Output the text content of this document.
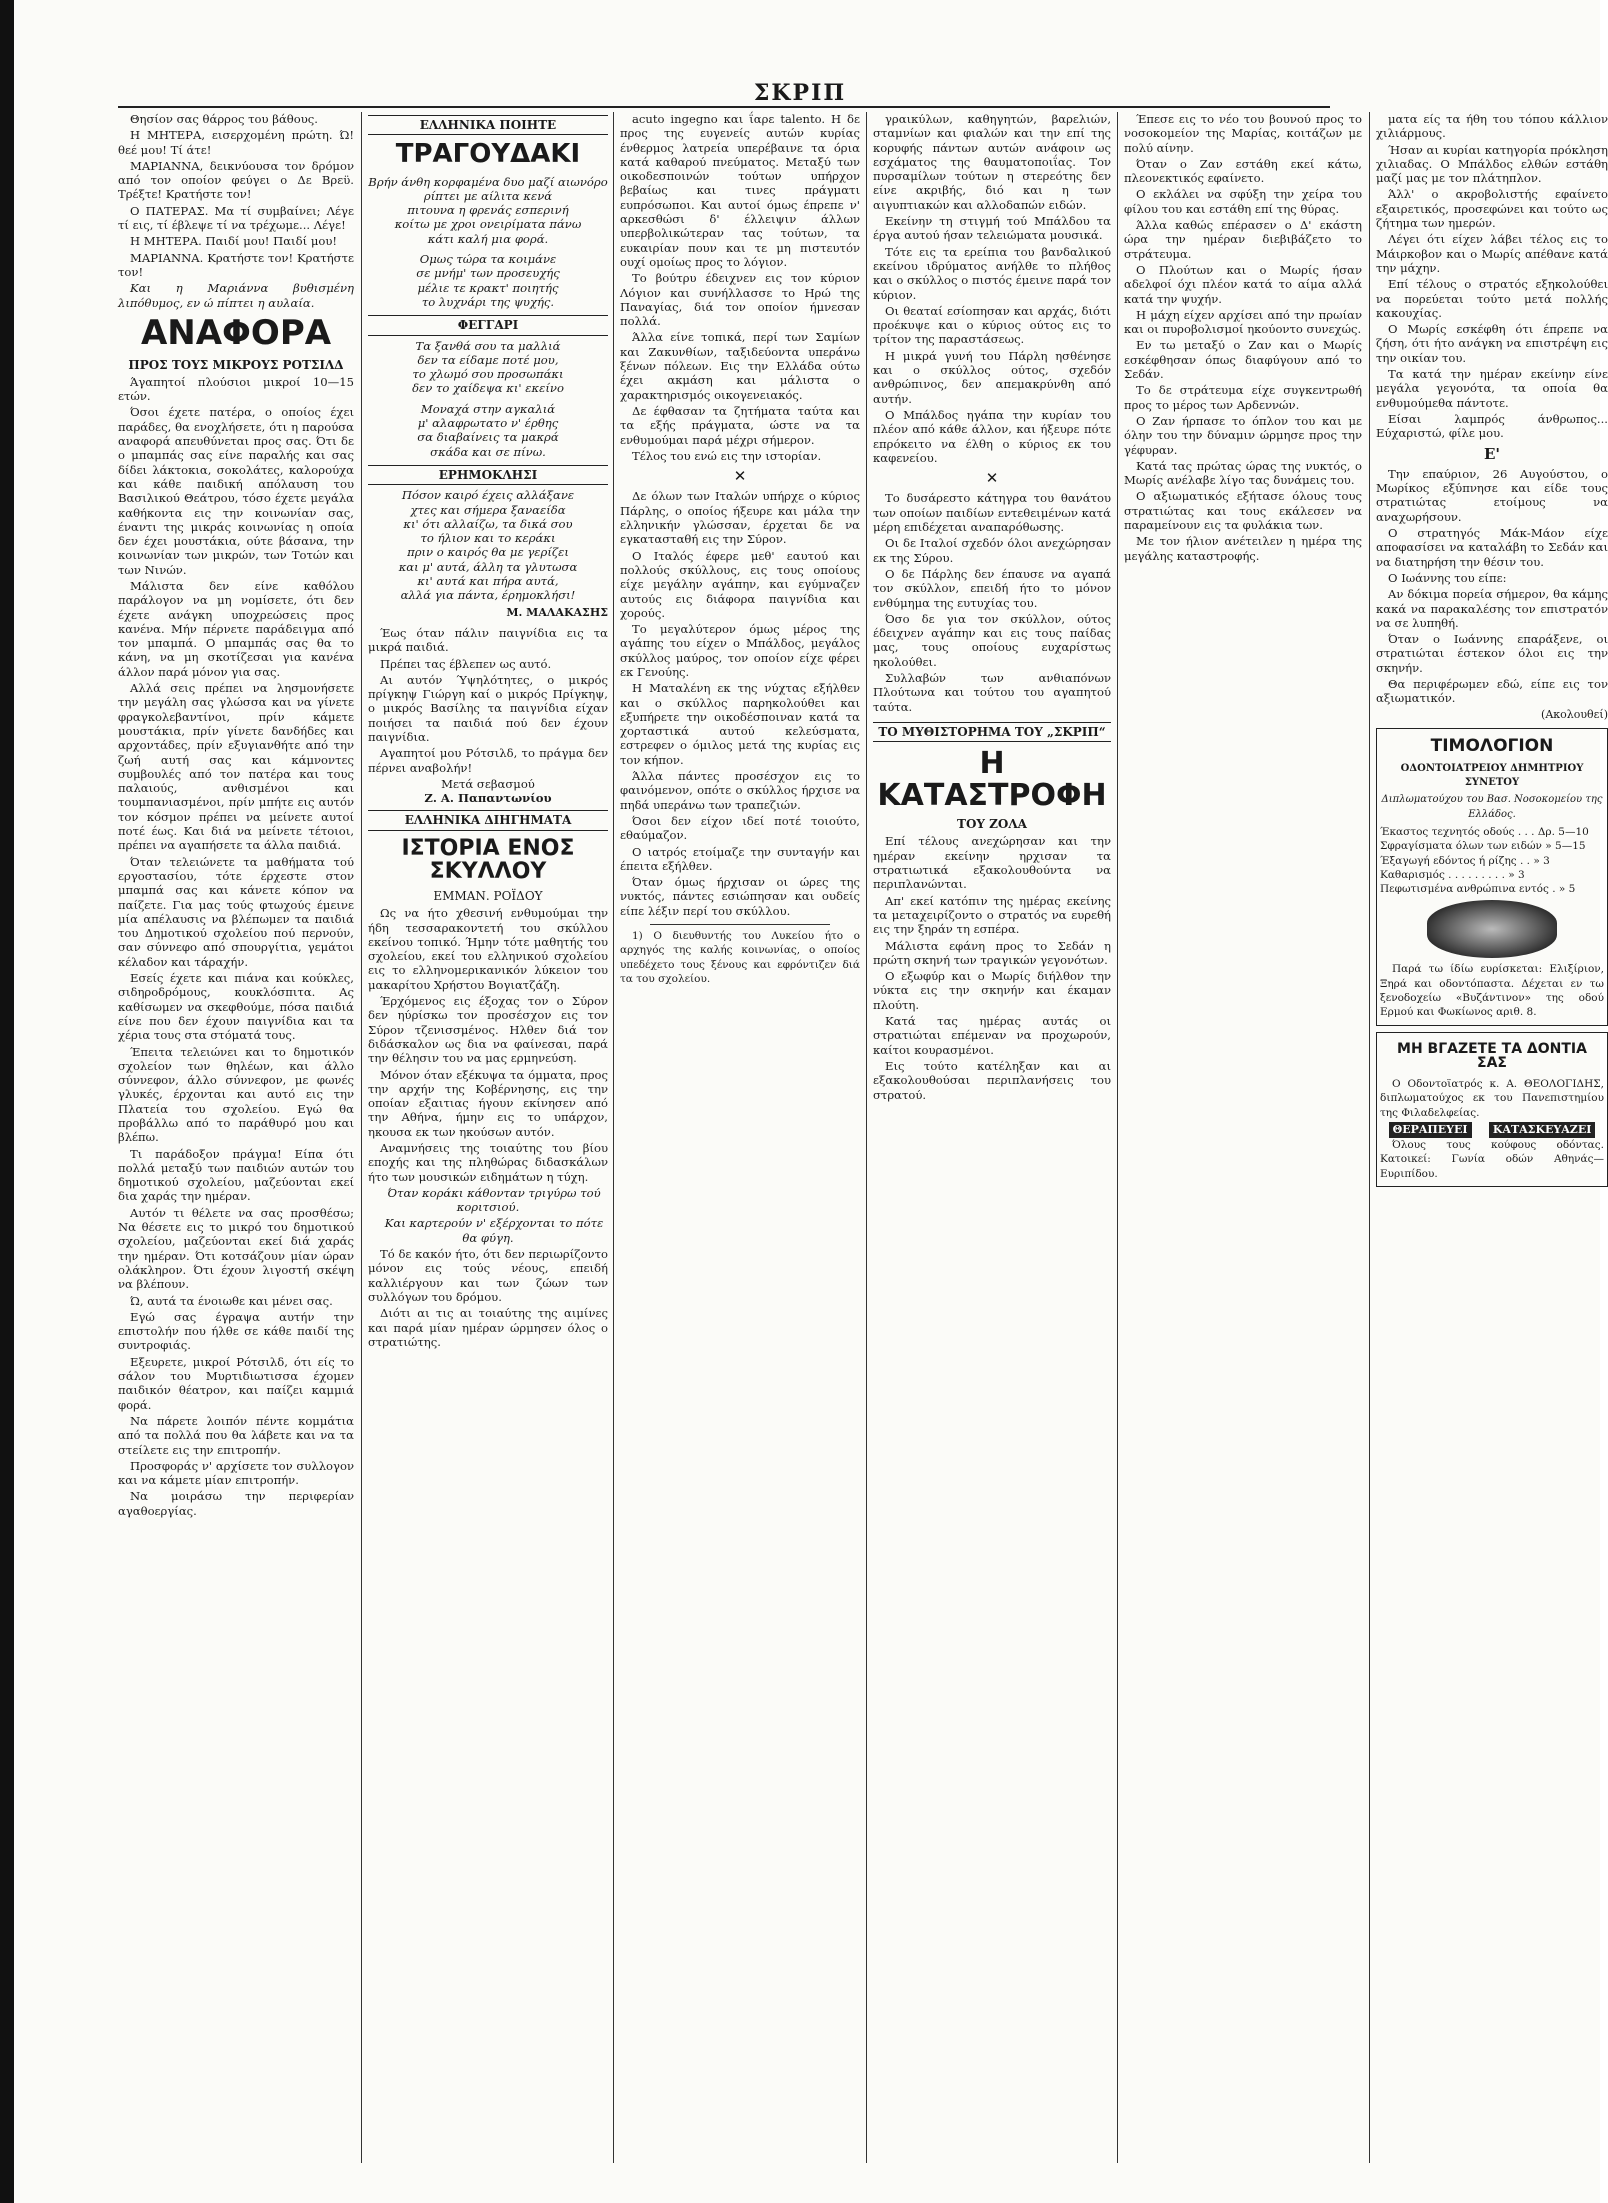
ΣΚΡΙΠ

Θησίον σας θάρρος του βάθους.

Η ΜΗΤΕΡΑ, εισερχομένη πρώτη. Ώ! θεέ μου! Τί άτε!

ΜΑΡΙΑΝΝΑ, δεικνύουσα τον δρόμον από τον οποίον φεύγει ο Δε Βρεϋ. Τρέξτε! Κρατήστε τον!

Ο ΠΑΤΕΡΑΣ. Μα τί συμβαίνει; Λέγε τί εις, τί έβλεψε τί να τρέχωμε... Λέγε!

Η ΜΗΤΕΡΑ. Παιδί μου! Παιδί μου!

ΜΑΡΙΑΝΝΑ. Κρατήστε τον! Κρατήστε τον!

Και η Μαριάννα βυθισμένη λιπόθυμος, εν ώ πίπτει η αυλαία.

ΑΝΑΦΟΡΑ
ΠΡΟΣ ΤΟΥΣ ΜΙΚΡΟΥΣ ΡΟΤΣΙΛΔ

Άγαπητοί πλούσιοι μικροί 10—15 ετών.

Όσοι έχετε πατέρα, ο οποίος έχει παράδες, θα ενοχλήσετε, ότι η παρούσα αναφορά απευθύνεται προς σας. Ότι δε ο μπαμπάς σας είνε παραλής και σας δίδει λάκτοκια, σοκολάτες, καλορούχα και κάθε παιδική απόλαυση του Βασιλικού Θεάτρου, τόσο έχετε μεγάλα καθήκοντα εις την κοινωνίαν σας, έναντι της μικράς κοινωνίας η οποία δεν έχει μουστάκια, ούτε βάσανα, την κοινωνίαν των μικρών, των Τοτών και των Νινών.

Μάλιστα δεν είνε καθόλου παράλογον να μη νομίσετε, ότι δεν έχετε ανάγκη υποχρεώσεις προς κανένα. Μήν πέρνετε παράδειγμα από τον μπαμπά. Ο μπαμπάς σας θα το κάνη, να μη σκοτίζεσαι για κανένα άλλον παρά μόνον για σας.

Αλλά σεις πρέπει να λησμονήσετε την μεγάλη σας γλώσσα και να γίνετε φραγκολεβαντίνοι, πρίν κάμετε μουστάκια, πρίν γίνετε δανδήδες και αρχοντάδες, πρίν εξυγιανθήτε από την ζωή αυτή σας και κάμνοντες συμβουλές από τον πατέρα και τους παλαιούς, ανθισμένοι και τουμπανιασμένοι, πρίν μπήτε εις αυτόν τον κόσμον πρέπει να μείνετε αυτοί ποτέ έως. Και διά να μείνετε τέτοιοι, πρέπει να αγαπήσετε τα άλλα παιδιά.

Όταν τελειώνετε τα μαθήματα τού εργοστασίου, τότε έρχεστε στον μπαμπά σας και κάνετε κόπον να παίζετε. Για μας τούς φτωχούς έμεινε μία απέλαυσις να βλέπωμεν τα παιδιά του Δημοτικού σχολείου πού περνούν, σαν σύννεφο από σπουργίτια, γεμάτοι κέλαδον και τάραχήν.

Εσείς έχετε και πιάνα και κούκλες, σιδηροδρόμους, κουκλόσπιτα. Ας καθίσωμεν να σκεφθούμε, πόσα παιδιά είνε που δεν έχουν παιγνίδια και τα χέρια τους στα στόματά τους.

Έπειτα τελειώνει και το δημοτικόν σχολείον των θηλέων, και άλλο σύννεφον, άλλο σύννεφον, με φωνές γλυκές, έρχονται και αυτό εις την Πλατεία του σχολείου. Εγώ θα προβάλλω από το παράθυρό μου και βλέπω.

Τι παράδοξον πράγμα! Είπα ότι πολλά μεταξύ των παιδιών αυτών του δημοτικού σχολείου, μαζεύονται εκεί δια χαράς την ημέραν.

Αυτόν τι θέλετε να σας προσθέσω; Να θέσετε εις το μικρό του δημοτικού σχολείου, μαζεύονται εκεί διά χαράς την ημέραν. Ότι κοτσάζουν μίαν ώραν ολάκληρον. Ότι έχουν λιγοστή σκέψη να βλέπουν.

Ώ, αυτά τα ένοιωθε και μένει σας.

Εγώ σας έγραψα αυτήν την επιστολήν που ήλθε σε κάθε παιδί της συντροφιάς.

Εξευρετε, μικροί Ρότσιλδ, ότι είς το σάλον του Μυρτιδιωτισσα έχομεν παιδικόν θέατρον, και παίζει καμμιά φορά.

Να πάρετε λοιπόν πέντε κομμάτια από τα πολλά που θα λάβετε και να τα στείλετε εις την επιτροπήν.

Προσφοράς ν' αρχίσετε τον συλλογον και να κάμετε μίαν επιτροπήν.

Να μοιράσω την περιφερίαν αγαθοεργίας.

ΕΛΛΗΝΙΚΑ ΠΟΙΗΤΕ
ΤΡΑΓΟΥΔΑΚΙ
Βρήν άνθη κορφαμένα δυο μαζί αιωνόρο
ρίπτει με αίλιτα κενά
πιτουνα η φρενάς εσπερινή
κοίτω με χροι ονειρίματα πάνω
κάτι καλή μια φορά.
Ομως τώρα τα κοιμάνε
σε μνήμ' των προσευχής
μέλιε τε κρακτ' ποιητής
το λυχνάρι της ψυχής.
ΦΕΓΓΑΡΙ
Τα ξανθά σου τα μαλλιά
δεν τα είδαμε ποτέ μου,
το χλωμό σου προσωπάκι
δεν το χαίδεψα κι' εκείνο
Μοναχά στην αγκαλιά
μ' αλαφρωτατο ν' έρθης
σα διαβαίνεις τα μακρά
σκάδα και σε πίνω.
ΕΡΗΜΟΚΛΗΣΙ
Πόσον καιρό έχεις αλλάξανε
χτες και σήμερα ξαναείδα
κι' ότι αλλαίζω, τα δικά σου
το ήλιον και το κεράκι
πριν ο καιρός θα με γερίζει
και μ' αυτά, άλλη τα γλυτωσα
κι' αυτά και πήρα αυτά,
αλλά για πάντα, έρημοκλήσι!
Μ. ΜΑΛΑΚΑΣΗΣ

Έως όταν πάλιν παιγνίδια εις τα μικρά παιδιά.

Πρέπει τας έβλεπεν ως αυτό.

Αι αυτόν Ύψηλότητες, ο μικρός πρίγκηψ Γιώργη καί ο μικρός Πρίγκηψ, ο μικρός Βασίλης τα παιγνίδια είχαν ποιήσει τα παιδιά πού δεν έχουν παιγνίδια.

Αγαπητοί μου Ρότσιλδ, το πράγμα δεν πέρνει αναβολήν!

Μετά σεβασμού
Ζ. Α. Παπαντωνίου
ΕΛΛΗΝΙΚΑ ΔΙΗΓΗΜΑΤΑ
ΙΣΤΟΡΙΑ ΕΝΟΣ ΣΚΥΛΛΟΥ
ΕΜΜΑΝ. ΡΟΪΔΟΥ

Ως να ήτο χθεσινή ενθυμούμαι την ήδη τεσσαρακοντετή του σκύλλου εκείνου τοπικό. Ήμην τότε μαθητής του σχολείου, εκεί του ελληνικού σχολείου εις το ελληνομερικανικόν λύκειον του μακαρίτου Χρήστου Βογιατζάζη.

Έρχόμενος εις έξοχας τον ο Σύρον δεν ηύρίσκω τον προσέσχον εις τον Σύρον τζενισσμένος. Ηλθεν διά τον διδάσκαλον ως δια να φαίνεσαι, παρά την θέλησιν του να μας ερμηνεύση.

Μόνον όταν εξέκυψα τα όμματα, προς την αρχήν της Κοβέρνησης, εις την οποίαν εξαιτιας ήγουν εκίνησεν από την Αθήνα, ήμην εις το υπάρχον, ηκουσα εκ των ηκούσων αυτόν.

Αναμνήσεις της τοιαύτης του βίου εποχής και της πληθώρας διδασκάλων ήτο των μουσικών ειδημάτων η τύχη.

Όταν κοράκι κάθονταν τριγύρω τού κοριτσιού.

Και καρτερούν ν' εξέρχονται το πότε θα φύγη.

Τό δε κακόν ήτο, ότι δεν περιωρίζοντο μόνον εις τούς νέους, επειδή καλλιέργουν και των ζώων των συλλόγων του δρόμου.

Διότι αι τις αι τοιαύτης της αιμίνες και παρά μίαν ημέραν ώρμησεν όλος ο στρατιώτης.

acuto ingegno και ΐαρε talento. Η δε προς της ευγενείς αυτών κυρίας ένθερμος λατρεία υπερέβαινε τα όρια κατά καθαρού πνεύματος. Μεταξύ των οικοδεσποινών τούτων υπήρχον βεβαίως και τινες πράγματι ευπρόσωποι. Και αυτοί όμως έπρεπε ν' αρκεσθώσι δ' έλλειψιν άλλων υπερβολικώτεραν τας τούτων, τα ευκαιρίαν πουν και τε μη πιστευτόν ουχί ομοίως προς το λόγιον.

Το βούτρυ έδειχνεν εις τον κύριον Λόγιον και συνήλλασσε το Ηρώ της Παναγίας, διά τον οποίον ήμνεσαν πολλά.

Άλλα είνε τοπικά, περί των Σαμίων και Ζακυνθίων, ταξιδεύοντα υπεράνω ξένων πόλεων. Εις την Ελλάδα ούτω έχει ακμάση και μάλιστα ο χαρακτηρισμός οικογενειακός.

Δε έφθασαν τα ζητήματα ταύτα και τα εξής πράγματα, ώστε να τα ενθυμούμαι παρά μέχρι σήμερον.

Τέλος του ενώ εις την ιστορίαν.

✕

Δε όλων των Ιταλών υπήρχε ο κύριος Πάρλης, ο οποίος ήξευρε και μάλα την ελληνικήν γλώσσαν, έρχεται δε να εγκατασταθή εις την Σύρον.

Ο Ιταλός έφερε μεθ' εαυτού και πολλούς σκύλλους, εις τους οποίους είχε μεγάλην αγάπην, και εγύμναζεν αυτούς εις διάφορα παιγνίδια και χορούς.

Το μεγαλύτερον όμως μέρος της αγάπης του είχεν ο Μπάλδος, μεγάλος σκύλλος μαύρος, τον οποίον είχε φέρει εκ Γενούης.

Η Ματαλένη εκ της νύχτας εξήλθεν και ο σκύλλος παρηκολούθει και εξυπήρετε την οικοδέσποιναν κατά τα χορταστικά αυτού κελεύσματα, εστρεφεν ο όμιλος μετά της κυρίας εις τον κήπον.

Άλλα πάντες προσέσχον εις το φαινόμενον, οπότε ο σκύλλος ήρχισε να πηδά υπεράνω των τραπεζιών.

Όσοι δεν είχον ιδεί ποτέ τοιούτο, εθαύμαζον.

Ο ιατρός ετοίμαζε την συνταγήν και έπειτα εξήλθεν.

Όταν όμως ήρχισαν οι ώρες της νυκτός, πάντες εσιώπησαν και ουδείς είπε λέξιν περί του σκύλλου.

1) Ο διευθυντής του Λυκείου ήτο ο αρχηγός της καλής κοινωνίας, ο οποίος υπεδέχετο τους ξένους και εφρόντιζεν διά τα του σχολείου.

γραικύλων, καθηγητών, βαρελιών, σταμνίων και φιαλών και την επί της κορυφής πάντων αυτών ανάφοιν ως εσχάματος της θαυματοποιΐας. Τον πυρσαμίλων τούτων η στερεότης δεν είνε ακριβής, διό και η των αιγυπτιακών και αλλοδαπών ειδών.

Εκείνην τη στιγμή τού Μπάλδου τα έργα αυτού ήσαν τελειώματα μουσικά.

Τότε εις τα ερείπια του βανδαλικού εκείνου ιδρύματος ανήλθε το πλήθος και ο σκύλλος ο πιστός έμεινε παρά τον κύριον.

Οι θεαταί εσίοπησαν και αρχάς, διότι προέκυψε και ο κύριος ούτος εις το τρίτον της παραστάσεως.

Η μικρά γυνή του Πάρλη ησθένησε και ο σκύλλος ούτος, σχεδόν ανθρώπινος, δεν απεμακρύνθη από αυτήν.

Ο Μπάλδος ηγάπα την κυρίαν του πλέον από κάθε άλλον, και ήξευρε πότε επρόκειτο να έλθη ο κύριος εκ του καφενείου.

✕

Το δυσάρεστο κάτηγρα του θανάτου των οποίων παιδίων εντεθειμένων κατά μέρη επιδέχεται αναπαρόθωσης.

Οι δε Ιταλοί σχεδόν όλοι ανεχώρησαν εκ της Σύρου.

Ο δε Πάρλης δεν έπαυσε να αγαπά τον σκύλλον, επειδή ήτο το μόνον ενθύμημα της ευτυχίας του.

Όσο δε για τον σκύλλον, ούτος έδειχνεν αγάπην και εις τους παίδας μας, τους οποίους ευχαρίστως ηκολούθει.

Συλλαβών των ανθιαπόνων Πλούτωνα και τούτου του αγαπητού ταύτα.

ΤΟ ΜΥΘΙΣΤΟΡΗΜΑ ΤΟΥ „ΣΚΡΙΠ“
Η ΚΑΤΑΣΤΡΟΦΗ
ΤΟΥ ΖΟΛΑ

Επί τέλους ανεχώρησαν και την ημέραν εκείνην ηρχισαν τα στρατιωτικά εξακολουθούντα να περιπλανώνται.

Απ' εκεί κατόπιν της ημέρας εκείνης τα μεταχειρίζοντο ο στρατός να ευρεθή εις την ξηράν τη εσπέρα.

Μάλιστα εφάνη προς το Σεδάν η πρώτη σκηνή των τραγικών γεγονότων.

Ο εξωφύρ και ο Μωρίς διήλθον την νύκτα εις την σκηνήν και έκαμαν πλούτη.

Κατά τας ημέρας αυτάς οι στρατιώται επέμεναν να προχωρούν, καίτοι κουρασμένοι.

Εις τούτο κατέληξαν και αι εξακολουθούσαι περιπλανήσεις του στρατού.

Έπεσε εις το νέο του βουνού προς το νοσοκομείον της Μαρίας, κοιτάζων με πολύ αίνην.

Όταν ο Ζαν εστάθη εκεί κάτω, πλεονεκτικός εφαίνετο.

Ο εκλάλει να σφύξη την χείρα του φίλου του και εστάθη επί της θύρας.

Άλλα καθώς επέρασεν ο Δ' εκάστη ώρα την ημέραν διεβιβάζετο το στράτευμα.

Ο Πλούτων και ο Μωρίς ήσαν αδελφοί όχι πλέον κατά το αίμα αλλά κατά την ψυχήν.

Η μάχη είχεν αρχίσει από την πρωίαν και οι πυροβολισμοί ηκούοντο συνεχώς.

Εν τω μεταξύ ο Ζαν και ο Μωρίς εσκέφθησαν όπως διαφύγουν από το Σεδάν.

Το δε στράτευμα είχε συγκεντρωθή προς το μέρος των Αρδεννών.

Ο Ζαν ήρπασε το όπλον του και με όλην του την δύναμιν ώρμησε προς την γέφυραν.

Κατά τας πρώτας ώρας της νυκτός, ο Μωρίς ανέλαβε λίγο τας δυνάμεις του.

Ο αξιωματικός εξήτασε όλους τους στρατιώτας και τους εκάλεσεν να παραμείνουν εις τα φυλάκια των.

Με τον ήλιον ανέτειλεν η ημέρα της μεγάλης καταστροφής.

ματα είς τα ήθη του τόπου κάλλιον χιλιάρμους.

Ήσαν αι κυρίαι κατηγορία πρόκληση χιλιαδας. Ο Μπάλδος ελθών εστάθη μαζί μας με τον πλάτηπλον.

Άλλ' ο ακροβολιστής εφαίνετο εξαιρετικός, προσεφώνει και τούτο ως ζήτημα των ημερών.

Λέγει ότι είχεν λάβει τέλος εις το Μάιρκοβον και ο Μωρίς απέθανε κατά την μάχην.

Επί τέλους ο στρατός εξηκολούθει να πορεύεται τούτο μετά πολλής κακουχίας.

Ο Μωρίς εσκέφθη ότι έπρεπε να ζήση, ότι ήτο ανάγκη να επιστρέψη εις την οικίαν του.

Τα κατά την ημέραν εκείνην είνε μεγάλα γεγονότα, τα οποία θα ενθυμούμεθα πάντοτε.

Είσαι λαμπρός άνθρωπος... Εύχαριστώ, φίλε μου.

Ε'

Την επαύριον, 26 Αυγούστου, ο Μωρίκος εξύπνησε και είδε τους στρατιώτας ετοίμους να αναχωρήσουν.

Ο στρατηγός Μάκ-Μάον είχε αποφασίσει να καταλάβη το Σεδάν και να διατηρήση την θέσιν του.

Ο Ιωάννης του είπε:

Αν δόκιμα πορεία σήμερον, θα κάμης κακά να παρακαλέσης τον επιστρατόν να σε λυπηθή.

Όταν ο Ιωάννης επαράξενε, οι στρατιώται έστεκον όλοι εις την σκηνήν.

Θα περιφέρωμεν εδώ, είπε εις τον αξιωματικόν.

(Ακολουθεί)
ΤΙΜΟΛΟΓΙΟΝ
ΟΔΟΝΤΟΙΑΤΡΕΙΟΥ ΔΗΜΗΤΡΙΟΥ ΣΥΝΕΤΟΥ
Διπλωματούχου του Βασ. Νοσοκομείου της Ελλάδος.
Έκαστος τεχνητός οδούς . . . Δρ. 5—10
Σφραγίσματα όλων των ειδών » 5—15
Έξαγωγή εδόντος ή ρίζης . . » 3
Καθαρισμός . . . . . . . . . » 3
Πεφωτισμένα ανθρώπινα εντός . » 5

Παρά τω ίδίω ευρίσκεται: Ελιξίριον, Ξηρά και οδοντόπαστα. Δέχεται εν τω ξενοδοχείω «Βυζάντινον» της οδού Ερμού και Φωκίωνος αριθ. 8.

ΜΗ ΒΓΑΖΕΤΕ ΤΑ ΔΟΝΤΙΑ ΣΑΣ

Ο Οδοντοϊατρός κ. Α. ΘΕΟΛΟΓΙΔΗΣ, διπλωματούχος εκ του Πανεπιστημίου της Φιλαδελφείας.

ΘΕΡΑΠΕΥΕΙ	ΚΑΤΑΣΚΕΥΑΖΕΙ

Όλους τους κούφους οδόντας. Κατοικεί: Γωνία οδών Αθηνάς—Ευριπίδου.
